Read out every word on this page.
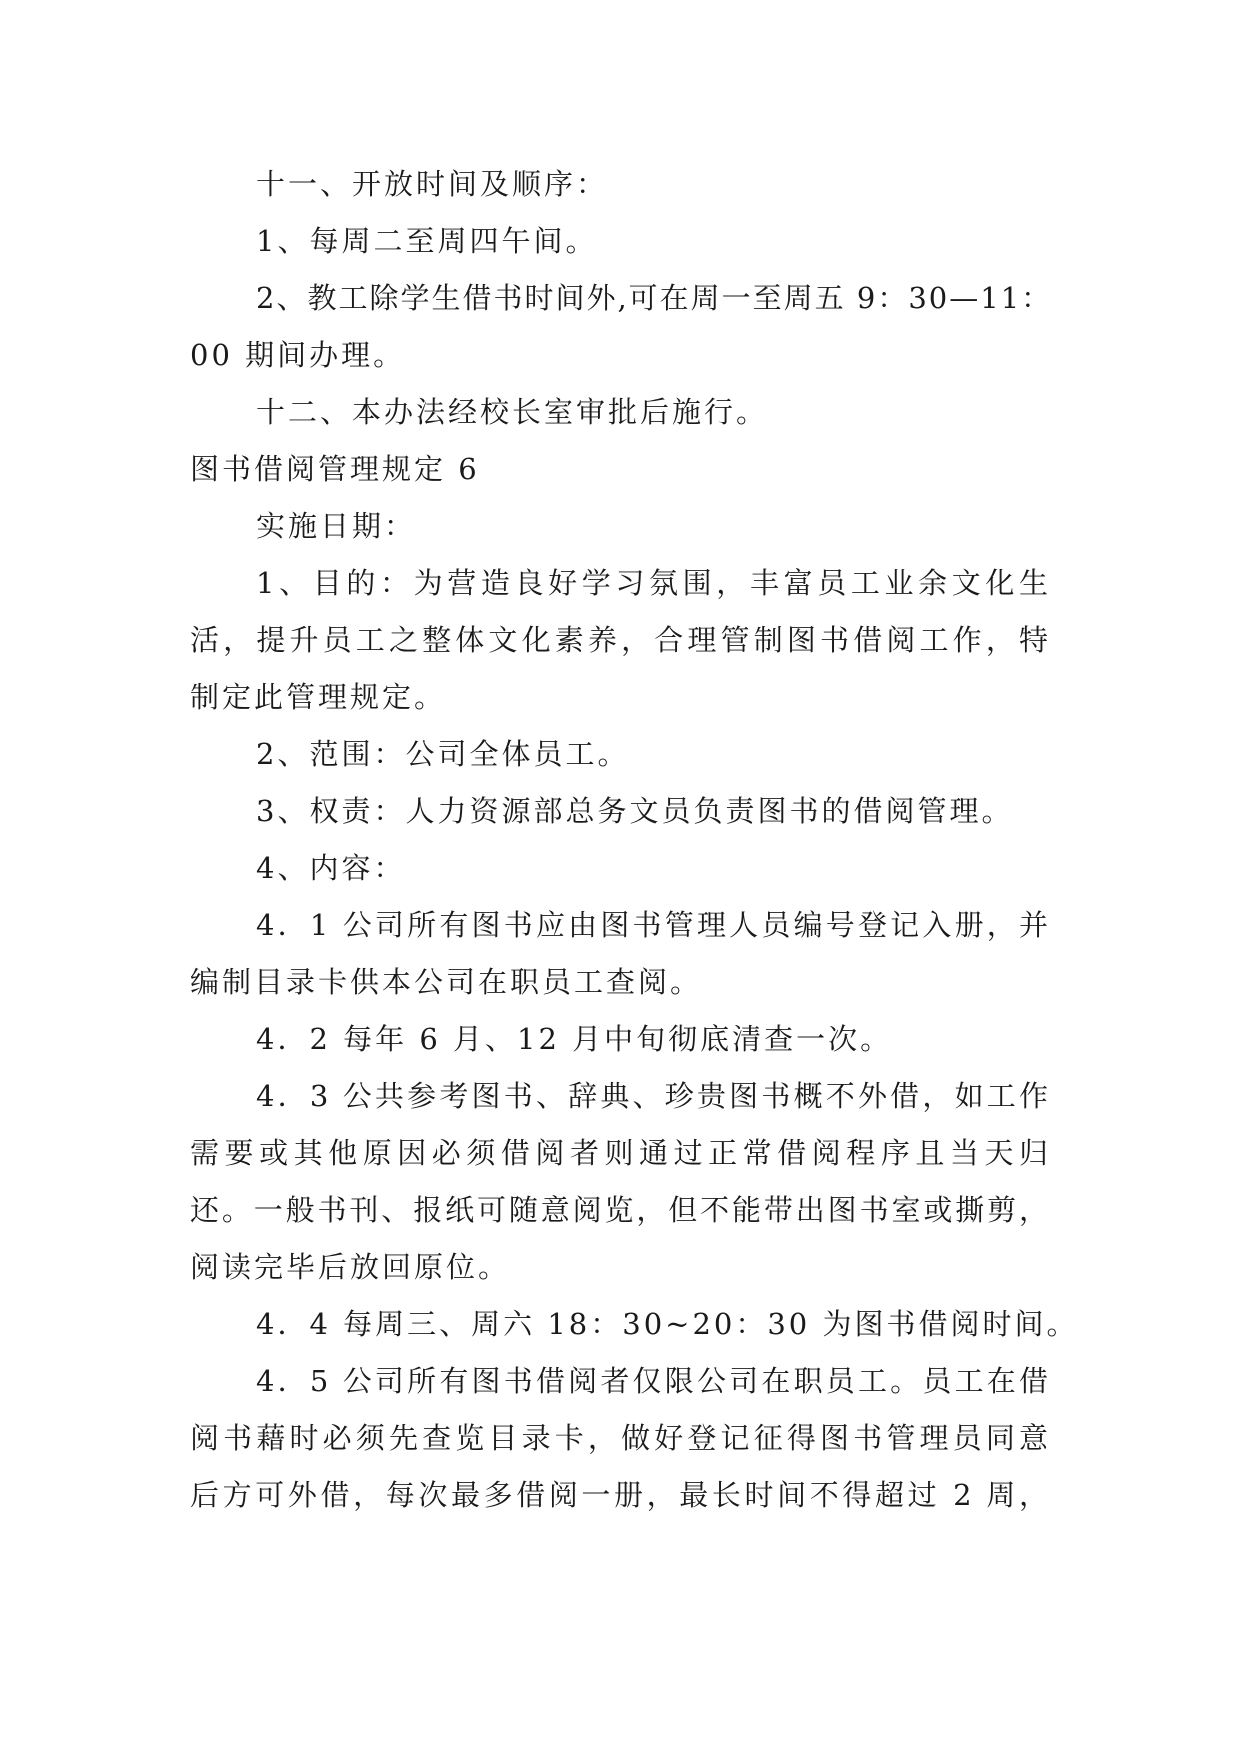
十一、开放时间及顺序：
1、每周二至周四午间。
2、教工除学生借书时间外,可在周一至周五 9：30—11：
00 期间办理。
十二、本办法经校长室审批后施行。
图书借阅管理规定 6
实施日期：
1、目的：为营造良好学习氛围，丰富员工业余文化生
活，提升员工之整体文化素养，合理管制图书借阅工作，特
制定此管理规定。
2、范围：公司全体员工。
3、权责：人力资源部总务文员负责图书的借阅管理。
4、内容：
4．1 公司所有图书应由图书管理人员编号登记入册，并
编制目录卡供本公司在职员工查阅。
4．2 每年 6 月、12 月中旬彻底清查一次。
4．3 公共参考图书、辞典、珍贵图书概不外借，如工作
需要或其他原因必须借阅者则通过正常借阅程序且当天归
还。一般书刊、报纸可随意阅览，但不能带出图书室或撕剪，
阅读完毕后放回原位。
4．4 每周三、周六 18：30~20：30 为图书借阅时间。
4．5 公司所有图书借阅者仅限公司在职员工。员工在借
阅书藉时必须先查览目录卡，做好登记征得图书管理员同意
后方可外借，每次最多借阅一册，最长时间不得超过 2 周，
